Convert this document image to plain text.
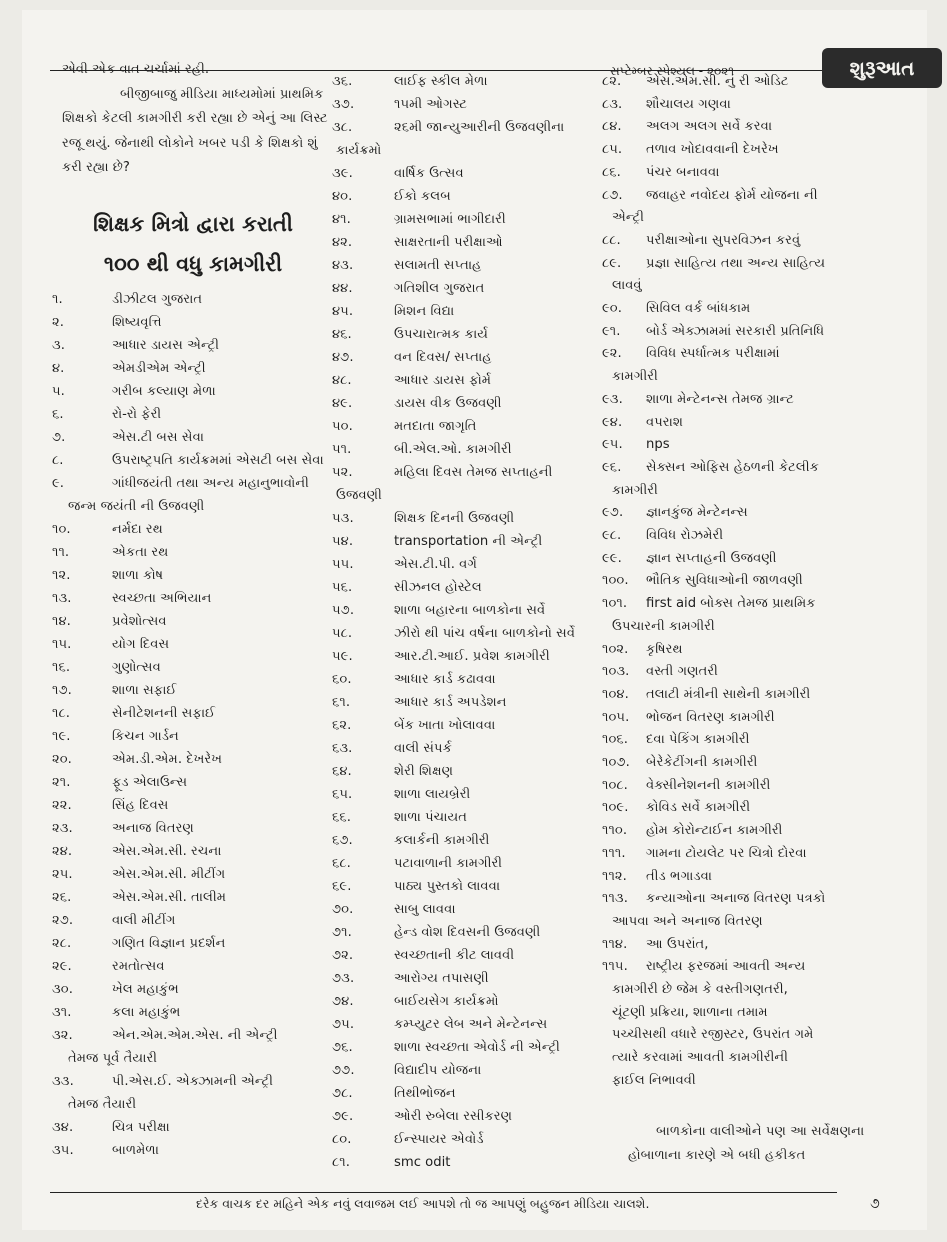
સપ્ટેમ્બર સ્પેશ્યલ - ૨૦૨૧	શુરૂઆત

એવી એક વાત ચર્ચામાં રહી.

બીજીબાજુ મીડિયા માધ્યમોમાં પ્રાથમિક શિક્ષકો કેટલી કામગીરી કરી રહ્યા છે એનું આ લિસ્ટ રજૂ થયું. જેનાથી લોકોને ખબર પડી કે શિક્ષકો શું કરી રહ્યા છે?

શિક્ષક મિત્રો દ્વારા કરાતી
૧૦૦ થી વધુ કામગીરી
૧.	ડીઝીટલ ગુજરાત
૨.	શિષ્યવૃત્તિ
૩.	આધાર ડાયસ એન્ટ્રી
૪.	એમડીએમ એન્ટ્રી
૫.	ગરીબ કલ્યાણ મેળા
૬.	રો-રો ફેરી
૭.	એસ.ટી બસ સેવા
૮.	ઉપરાષ્ટ્રપતિ કાર્યક્રમમાં એસટી બસ સેવા
૯.	ગાંધીજયંતી તથા અન્ય મહાનુભાવોની
જન્મ જયંતી ની ઉજવણી
૧૦.	નર્મદા રથ
૧૧.	એકતા રથ
૧૨.	શાળા કોષ
૧૩.	સ્વચ્છતા અભિયાન
૧૪.	પ્રવેશોત્સવ
૧૫.	યોગ દિવસ
૧૬.	ગુણોત્સવ
૧૭.	શાળા સફાઈ
૧૮.	સેનીટેશનની સફાઈ
૧૯.	કિચન ગાર્ડન
૨૦.	એમ.ડી.એમ. દેખરેખ
૨૧.	ફૂડ એલાઉન્સ
૨૨.	સિંહ દિવસ
૨૩.	અનાજ વિતરણ
૨૪.	એસ.એમ.સી. રચના
૨૫.	એસ.એમ.સી. મીટીંગ
૨૬.	એસ.એમ.સી. તાલીમ
૨૭.	વાલી મીટીંગ
૨૮.	ગણિત વિજ્ઞાન પ્રદર્શન
૨૯.	રમતોત્સવ
૩૦.	ખેલ મહાકુંભ
૩૧.	કલા મહાકુંભ
૩૨.	એન.એમ.એમ.એસ. ની એન્ટ્રી
તેમજ પૂર્વ તૈયારી
૩૩.	પી.એસ.ઈ. એક્ઝામની એન્ટ્રી
તેમજ તૈયારી
૩૪.	ચિત્ર પરીક્ષા
૩૫.	બાળમેળા
૩૬.	લાઈફ સ્કીલ મેળા
૩૭.	૧૫મી ઓગસ્ટ
૩૮.	૨૬મી જાન્યુઆરીની ઉજવણીના
કાર્યક્રમો
૩૯.	વાર્ષિક ઉત્સવ
૪૦.	ઈકો કલબ
૪૧.	ગ્રામસભામાં ભાગીદારી
૪૨.	સાક્ષરતાની પરીક્ષાઓ
૪૩.	સલામતી સપ્તાહ
૪૪.	ગતિશીલ ગુજરાત
૪૫.	મિશન વિદ્યા
૪૬.	ઉપચારાત્મક કાર્ય
૪૭.	વન દિવસ/ સપ્તાહ
૪૮.	આધાર ડાયસ ફોર્મ
૪૯.	ડાયસ વીક ઉજવણી
૫૦.	મતદાતા જાગૃતિ
૫૧.	બી.એલ.ઓ. કામગીરી
૫૨.	મહિલા દિવસ તેમજ સપ્તાહની
ઉજવણી
૫૩.	શિક્ષક દિનની ઉજવણી
૫૪.	transportation ની એન્ટ્રી
૫૫.	એસ.ટી.પી. વર્ગ
૫૬.	સીઝનલ હોસ્ટેલ
૫૭.	શાળા બહારના બાળકોના સર્વે
૫૮.	ઝીરો થી પાંચ વર્ષના બાળકોનો સર્વે
૫૯.	આર.ટી.આઈ. પ્રવેશ કામગીરી
૬૦.	આધાર કાર્ડ કઢાવવા
૬૧.	આધાર કાર્ડ અપડેશન
૬૨.	બેંક ખાતા ખોલાવવા
૬૩.	વાલી સંપર્ક
૬૪.	શેરી શિક્ષણ
૬૫.	શાળા લાયબ્રેરી
૬૬.	શાળા પંચાયત
૬૭.	કલાર્કની કામગીરી
૬૮.	પટાવાળાની કામગીરી
૬૯.	પાઠ્ય પુસ્તકો લાવવા
૭૦.	સાબુ લાવવા
૭૧.	હેન્ડ વોશ દિવસની ઉજવણી
૭૨.	સ્વચ્છતાની કીટ લાવવી
૭૩.	આરોગ્ય તપાસણી
૭૪.	બાઈયસેગ કાર્યક્રમો
૭૫.	કમ્પ્યુટર લેબ અને મેન્ટેનન્સ
૭૬.	શાળા સ્વચ્છતા એવોર્ડ ની એન્ટ્રી
૭૭.	વિદ્યાદીપ યોજના
૭૮.	તિથીભોજન
૭૯.	ઓરી રુબેલા રસીકરણ
૮૦.	ઈન્સ્પાયર એવોર્ડ
૮૧.	smc odit
૮૨. એસ.એમ.સી. નું રી ઓડિટ
૮૩. શૌચાલય ગણવા
૮૪. અલગ અલગ સર્વે કરવા
૮૫. તળાવ ખોદાવવાની દેખરેખ
૮૬. પંચર બનાવવા
૮૭. જવાહર નવોદય ફોર્મ યોજના ની
એન્ટ્રી
૮૮. પરીક્ષાઓના સુપરવિઝન કરવું
૮૯. પ્રજ્ઞા સાહિત્ય તથા અન્ય સાહિત્ય
લાવવું
૯૦. સિવિલ વર્ક બાંધકામ
૯૧. બોર્ડ એક્ઝામમાં સરકારી પ્રતિનિધિ
૯૨. વિવિધ સ્પર્ધાત્મક પરીક્ષામાં
કામગીરી
૯૩. શાળા મેન્ટેનન્સ તેમજ ગ્રાન્ટ
૯૪. વપરાશ
૯૫. nps
૯૬. સેક્સન ઓફિસ હેઠળની કેટલીક
કામગીરી
૯૭. જ્ઞાનકુંજ મેન્ટેનન્સ
૯૮. વિવિધ રોઝમેરી
૯૯. જ્ઞાન સપ્તાહની ઉજવણી
૧૦૦. ભૌતિક સુવિધાઓની જાળવણી
૧૦૧. first aid બોક્સ તેમજ પ્રાથમિક
ઉપચારની કામગીરી
૧૦૨. કૃષિરથ
૧૦૩. વસ્તી ગણતરી
૧૦૪. તલાટી મંત્રીની સાથેની કામગીરી
૧૦૫. ભોજન વિતરણ કામગીરી
૧૦૬. દવા પેકિંગ કામગીરી
૧૦૭. બેરેકેટીંગની કામગીરી
૧૦૮. વેક્સીનેશનની કામગીરી
૧૦૯. કોવિડ સર્વે કામગીરી
૧૧૦. હોમ કોરોન્ટાઈન કામગીરી
૧૧૧. ગામના ટોયલેટ પર ચિત્રો દોરવા
૧૧૨. તીડ ભગાડવા
૧૧૩. કન્યાઓના અનાજ વિતરણ પત્રકો
આપવા અને અનાજ વિતરણ
૧૧૪. આ ઉપરાંત,
૧૧૫. રાષ્ટ્રીય ફરજમાં આવતી અન્ય
કામગીરી છે જેમ કે વસ્તીગણતરી,
ચૂંટણી પ્રક્રિયા, શાળાના તમામ
પચ્ચીસથી વધારે રજીસ્ટર, ઉપરાંત ગમે
ત્યારે કરવામાં આવતી કામગીરીની
ફાઈલ નિભાવવી

બાળકોના વાલીઓને પણ આ સર્વેક્ષણના હોબાળાના કારણે એ બધી હકીકત

દરેક વાચક દર મહિને એક નવું લવાજમ લઈ આપશે તો જ આપણું બહુજન મીડિયા ચાલશે.	૭
